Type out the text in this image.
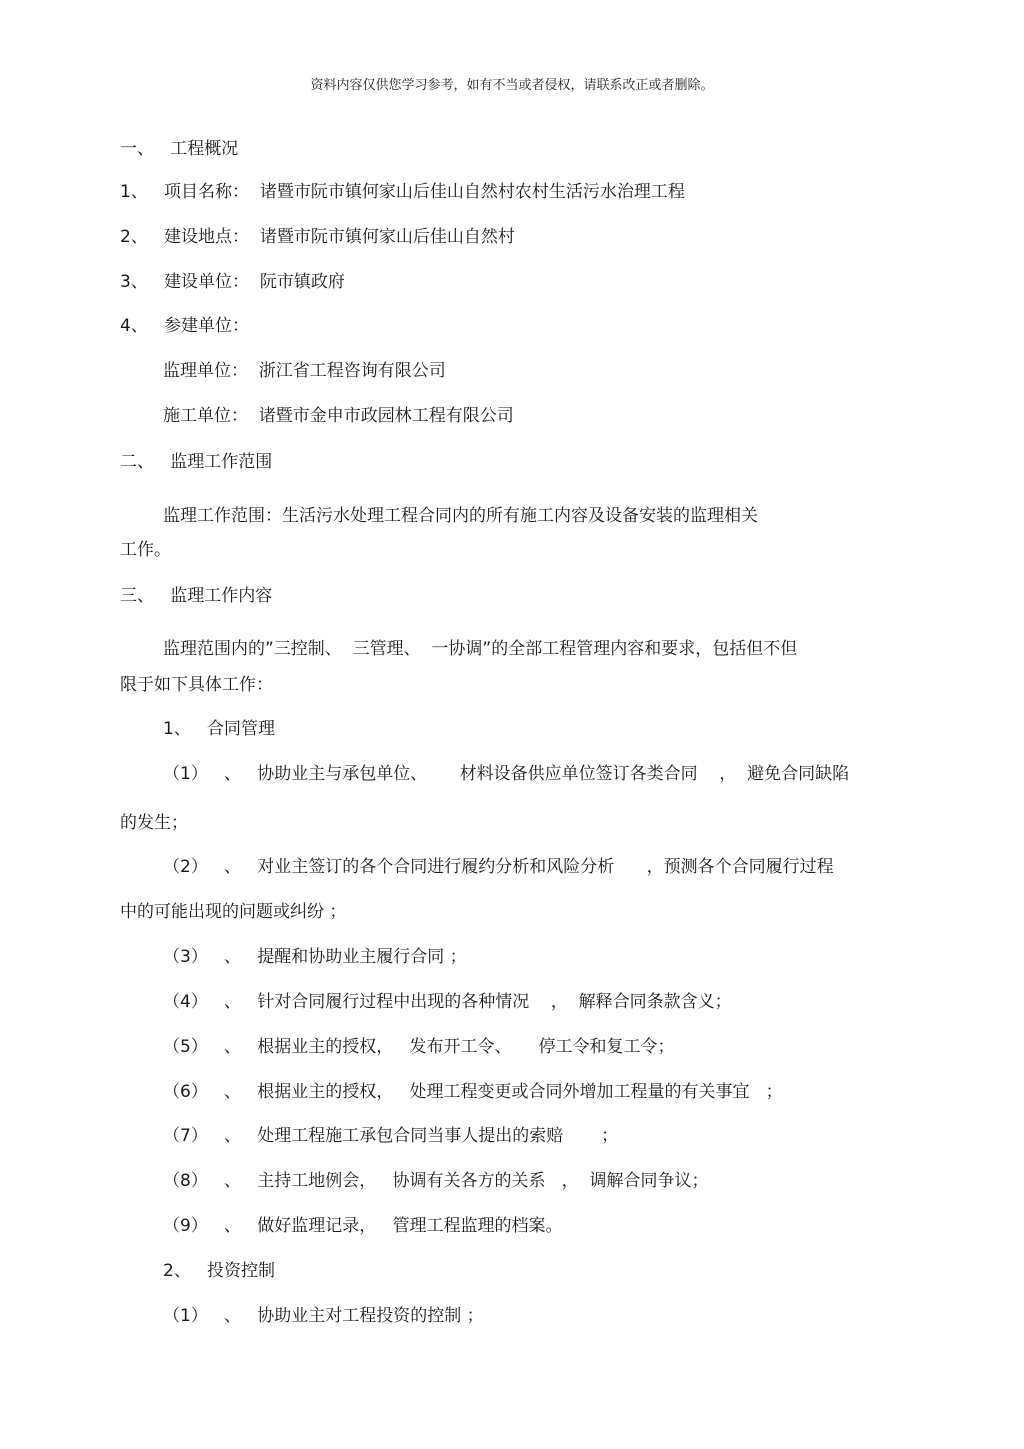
资料内容仅供您学习参考，如有不当或者侵权，请联系改正或者删除。
一、   工程概况
1、   项目名称：  诸暨市阮市镇何家山后佳山自然村农村生活污水治理工程
2、   建设地点：  诸暨市阮市镇何家山后佳山自然村
3、   建设单位：  阮市镇政府
4、   参建单位：
监理单位：  浙江省工程咨询有限公司
施工单位：  诸暨市金申市政园林工程有限公司
二、   监理工作范围
监理工作范围：生活污水处理工程合同内的所有施工内容及设备安装的监理相关
工作。
三、   监理工作内容
监理范围内的”三控制、  三管理、  一协调”的全部工程管理内容和要求，包括但不但
限于如下具体工作：
1、   合同管理
（1）   、   协助业主与承包单位、      材料设备供应单位签订各类合同    ，  避免合同缺陷
的发生；
（2）   、   对业主签订的各个合同进行履约分析和风险分析      ，预测各个合同履行过程
中的可能出现的问题或纠纷 ；
（3）   、   提醒和协助业主履行合同 ；
（4）   、   针对合同履行过程中出现的各种情况    ，  解释合同条款含义；
（5）   、   根据业主的授权，   发布开工令、     停工令和复工令；
（6）   、   根据业主的授权，   处理工程变更或合同外增加工程量的有关事宜   ；
（7）   、   处理工程施工承包合同当事人提出的索赔       ；
（8）   、   主持工地例会，   协调有关各方的关系   ，  调解合同争议；
（9）   、   做好监理记录，   管理工程监理的档案。
2、   投资控制
（1）   、   协助业主对工程投资的控制 ；
